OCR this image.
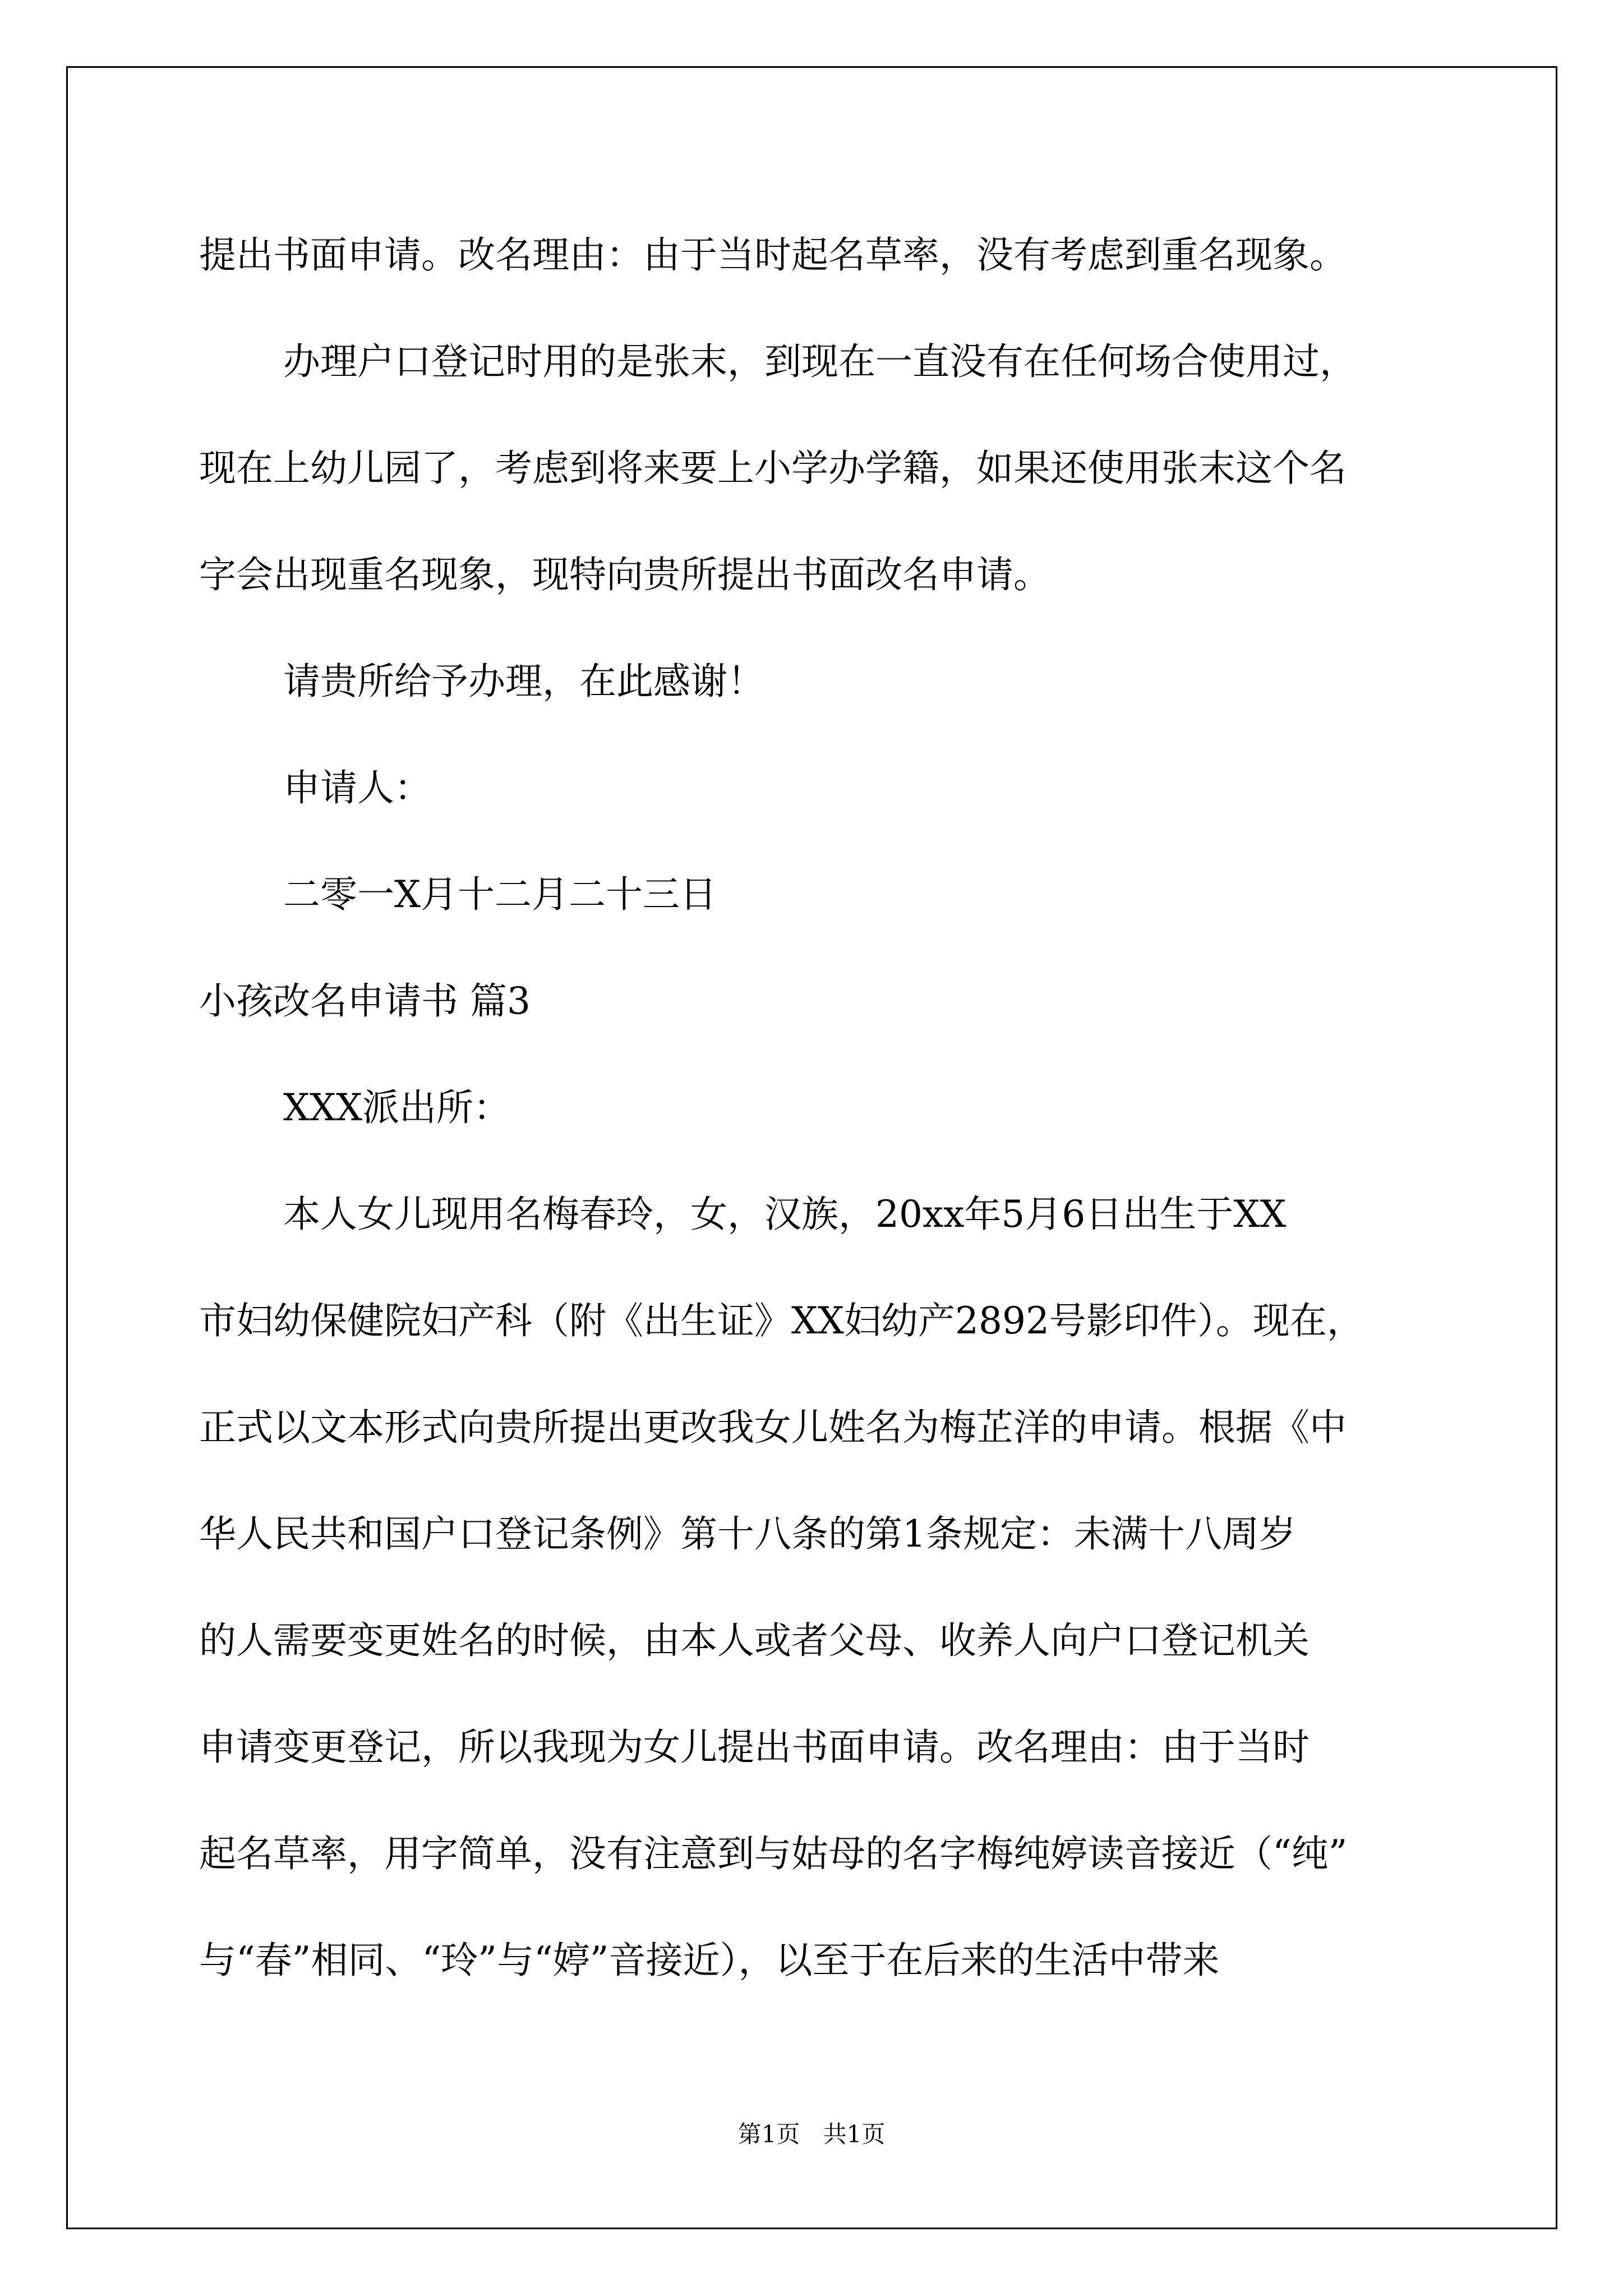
提出书面申请。改名理由：由于当时起名草率，没有考虑到重名现象。
办理户口登记时用的是张末，到现在一直没有在任何场合使用过，
现在上幼儿园了，考虑到将来要上小学办学籍，如果还使用张末这个名
字会出现重名现象，现特向贵所提出书面改名申请。
请贵所给予办理，在此感谢！
申请人：
二零一X月十二月二十三日
小孩改名申请书 篇3
XXX派出所：
本人女儿现用名梅春玲，女，汉族，20xx年5月6日出生于XX
市妇幼保健院妇产科（附《出生证》XX妇幼产2892号影印件）。现在，
正式以文本形式向贵所提出更改我女儿姓名为梅芷洋的申请。根据《中
华人民共和国户口登记条例》第十八条的第1条规定：未满十八周岁
的人需要变更姓名的时候，由本人或者父母、收养人向户口登记机关
申请变更登记，所以我现为女儿提出书面申请。改名理由：由于当时
起名草率，用字简单，没有注意到与姑母的名字梅纯婷读音接近（“纯”
与“春”相同、“玲”与“婷”音接近），以至于在后来的生活中带来
第1页 共1页
